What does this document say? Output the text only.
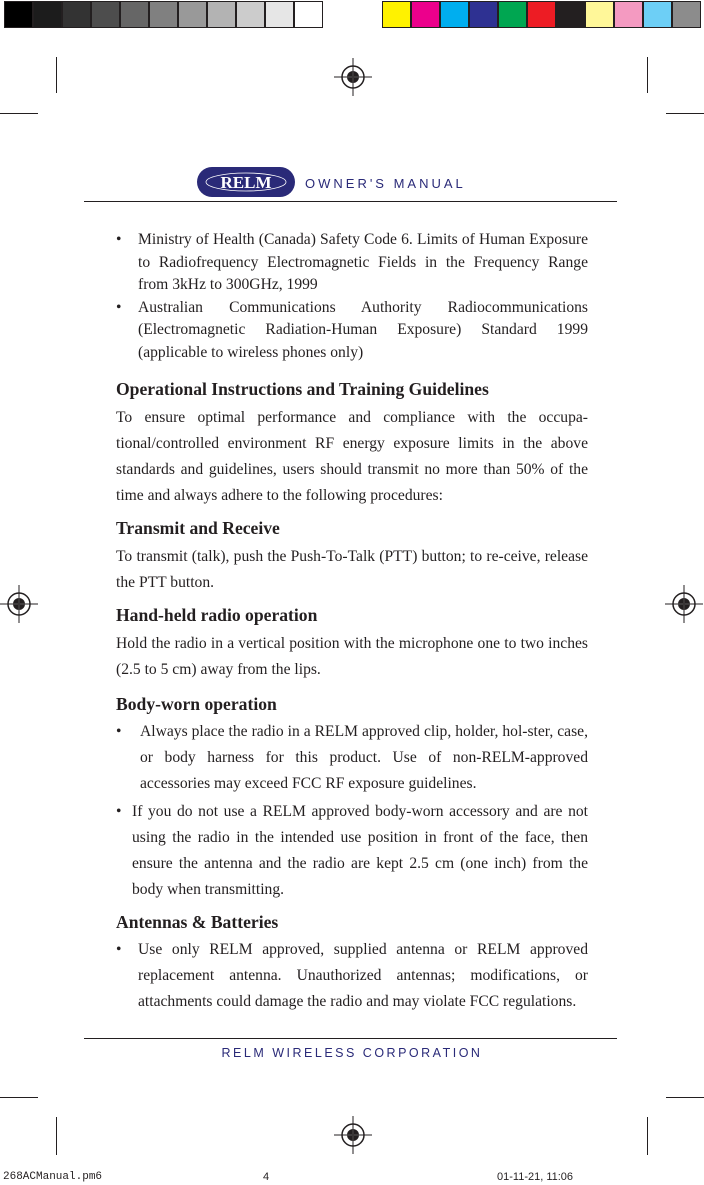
RELM	OWNER'S MANUAL
• Ministry of Health (Canada) Safety Code 6. Limits of Human Exposure to Radiofrequency Electromagnetic Fields in the Frequency Range from 3kHz to 300GHz, 1999
• Australian Communications Authority Radiocommunications (Electromagnetic Radiation-Human Exposure) Standard 1999 (applicable to wireless phones only)
Operational Instructions and Training Guidelines

To ensure optimal performance and compliance with the occupa-tional/controlled environment RF energy exposure limits in the above standards and guidelines, users should transmit no more than 50% of the time and always adhere to the following procedures:

Transmit and Receive

To transmit (talk), push the Push-To-Talk (PTT) button; to re-ceive, release the PTT button.

Hand-held radio operation

Hold the radio in a vertical position with the microphone one to two inches (2.5 to 5 cm) away from the lips.

Body-worn operation
• Always place the radio in a RELM approved clip, holder, hol-ster, case, or body harness for this product. Use of non-RELM-approved accessories may exceed FCC RF exposure guidelines.
• If you do not use a RELM approved body-worn accessory and are not using the radio in the intended use position in front of the face, then ensure the antenna and the radio are kept 2.5 cm (one inch) from the body when transmitting.
Antennas & Batteries
• Use only RELM approved, supplied antenna or RELM approved replacement antenna. Unauthorized antennas; modifications, or attachments could damage the radio and may violate FCC regulations.
RELM WIRELESS CORPORATION
268ACManual.pm6	4	01-11-21, 11:06
